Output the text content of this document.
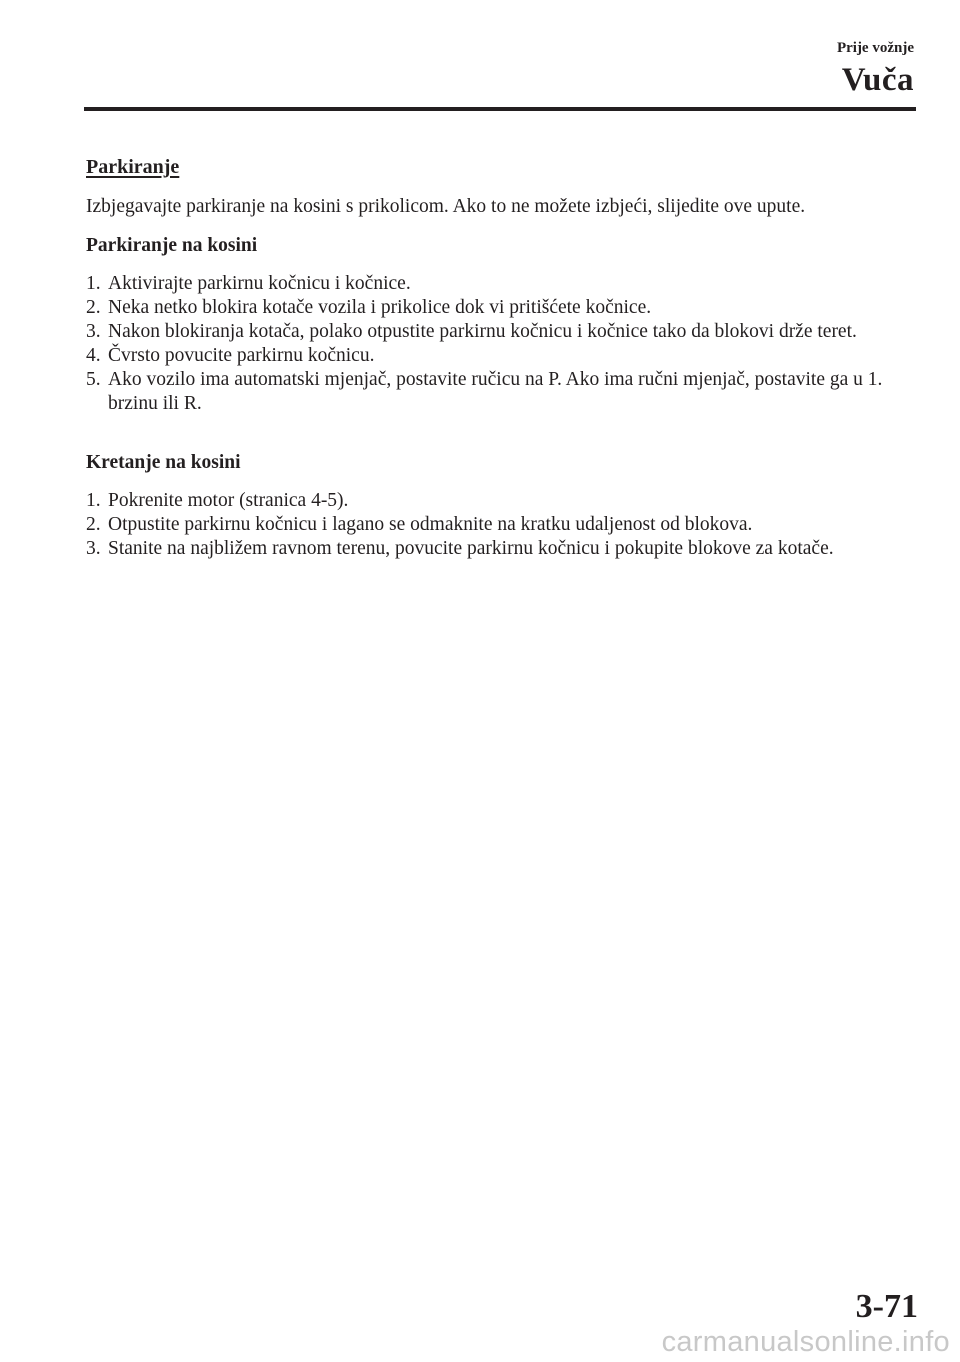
Prije vožnje
Vuča
Parkiranje
Izbjegavajte parkiranje na kosini s prikolicom. Ako to ne možete izbjeći, slijedite ove upute.
Parkiranje na kosini
1. Aktivirajte parkirnu kočnicu i kočnice.
2. Neka netko blokira kotače vozila i prikolice dok vi pritišćete kočnice.
3. Nakon blokiranja kotača, polako otpustite parkirnu kočnicu i kočnice tako da blokovi drže teret.
4. Čvrsto povucite parkirnu kočnicu.
5. Ako vozilo ima automatski mjenjač, postavite ručicu na P. Ako ima ručni mjenjač, postavite ga u 1. brzinu ili R.
Kretanje na kosini
1. Pokrenite motor (stranica 4-5).
2. Otpustite parkirnu kočnicu i lagano se odmaknite na kratku udaljenost od blokova.
3. Stanite na najbližem ravnom terenu, povucite parkirnu kočnicu i pokupite blokove za kotače.
3-71
carmanualsonline.info
